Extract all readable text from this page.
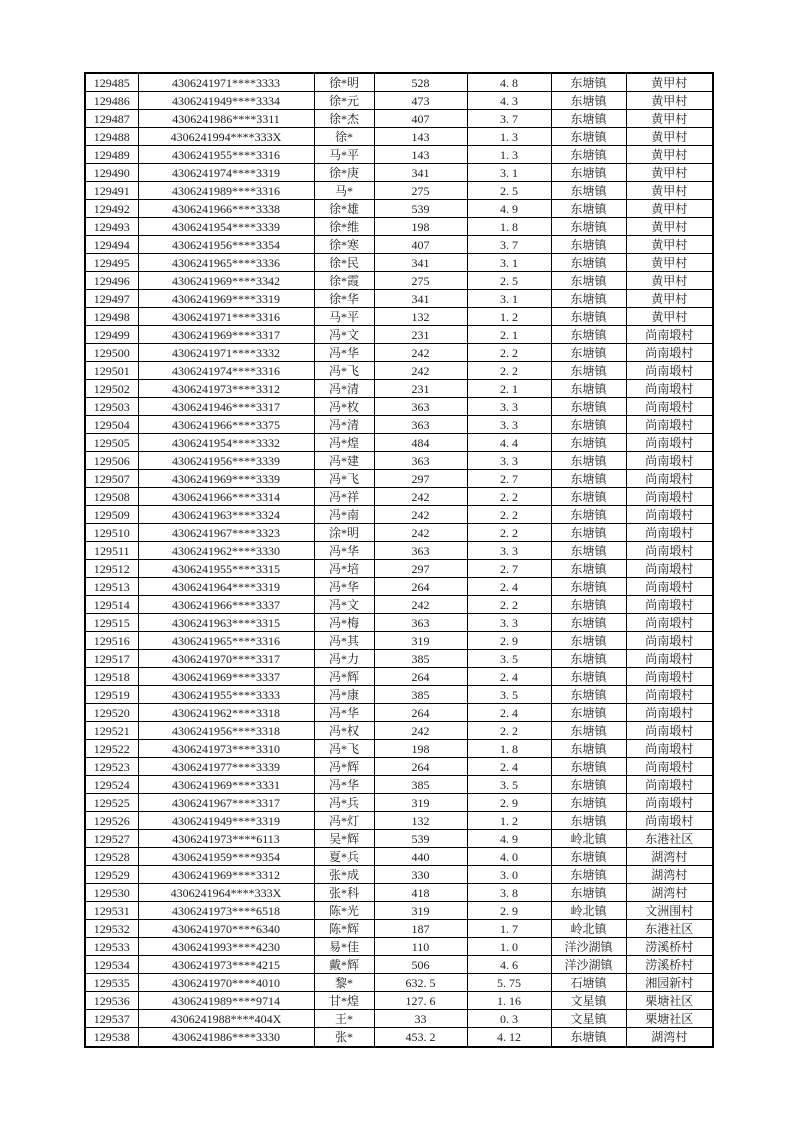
129485	4306241971****3333	徐*明	528	4. 8	东塘镇	黄甲村
129486	4306241949****3334	徐*元	473	4. 3	东塘镇	黄甲村
129487	4306241986****3311	徐*杰	407	3. 7	东塘镇	黄甲村
129488	4306241994****333X	徐*	143	1. 3	东塘镇	黄甲村
129489	4306241955****3316	马*平	143	1. 3	东塘镇	黄甲村
129490	4306241974****3319	徐*庚	341	3. 1	东塘镇	黄甲村
129491	4306241989****3316	马*	275	2. 5	东塘镇	黄甲村
129492	4306241966****3338	徐*雄	539	4. 9	东塘镇	黄甲村
129493	4306241954****3339	徐*维	198	1. 8	东塘镇	黄甲村
129494	4306241956****3354	徐*寒	407	3. 7	东塘镇	黄甲村
129495	4306241965****3336	徐*民	341	3. 1	东塘镇	黄甲村
129496	4306241969****3342	徐*霞	275	2. 5	东塘镇	黄甲村
129497	4306241969****3319	徐*华	341	3. 1	东塘镇	黄甲村
129498	4306241971****3316	马*平	132	1. 2	东塘镇	黄甲村
129499	4306241969****3317	冯*文	231	2. 1	东塘镇	尚南塅村
129500	4306241971****3332	冯*华	242	2. 2	东塘镇	尚南塅村
129501	4306241974****3316	冯*飞	242	2. 2	东塘镇	尚南塅村
129502	4306241973****3312	冯*清	231	2. 1	东塘镇	尚南塅村
129503	4306241946****3317	冯*枚	363	3. 3	东塘镇	尚南塅村
129504	4306241966****3375	冯*清	363	3. 3	东塘镇	尚南塅村
129505	4306241954****3332	冯*煌	484	4. 4	东塘镇	尚南塅村
129506	4306241956****3339	冯*建	363	3. 3	东塘镇	尚南塅村
129507	4306241969****3339	冯*飞	297	2. 7	东塘镇	尚南塅村
129508	4306241966****3314	冯*祥	242	2. 2	东塘镇	尚南塅村
129509	4306241963****3324	冯*南	242	2. 2	东塘镇	尚南塅村
129510	4306241967****3323	涂*明	242	2. 2	东塘镇	尚南塅村
129511	4306241962****3330	冯*华	363	3. 3	东塘镇	尚南塅村
129512	4306241955****3315	冯*培	297	2. 7	东塘镇	尚南塅村
129513	4306241964****3319	冯*华	264	2. 4	东塘镇	尚南塅村
129514	4306241966****3337	冯*文	242	2. 2	东塘镇	尚南塅村
129515	4306241963****3315	冯*梅	363	3. 3	东塘镇	尚南塅村
129516	4306241965****3316	冯*其	319	2. 9	东塘镇	尚南塅村
129517	4306241970****3317	冯*力	385	3. 5	东塘镇	尚南塅村
129518	4306241969****3337	冯*辉	264	2. 4	东塘镇	尚南塅村
129519	4306241955****3333	冯*康	385	3. 5	东塘镇	尚南塅村
129520	4306241962****3318	冯*华	264	2. 4	东塘镇	尚南塅村
129521	4306241956****3318	冯*权	242	2. 2	东塘镇	尚南塅村
129522	4306241973****3310	冯*飞	198	1. 8	东塘镇	尚南塅村
129523	4306241977****3339	冯*辉	264	2. 4	东塘镇	尚南塅村
129524	4306241969****3331	冯*华	385	3. 5	东塘镇	尚南塅村
129525	4306241967****3317	冯*兵	319	2. 9	东塘镇	尚南塅村
129526	4306241949****3319	冯*灯	132	1. 2	东塘镇	尚南塅村
129527	4306241973****6113	吴*辉	539	4. 9	岭北镇	东港社区
129528	4306241959****9354	夏*兵	440	4. 0	东塘镇	湖湾村
129529	4306241969****3312	张*成	330	3. 0	东塘镇	湖湾村
129530	4306241964****333X	张*科	418	3. 8	东塘镇	湖湾村
129531	4306241973****6518	陈*光	319	2. 9	岭北镇	文洲围村
129532	4306241970****6340	陈*辉	187	1. 7	岭北镇	东港社区
129533	4306241993****4230	易*佳	110	1. 0	洋沙湖镇	涝溪桥村
129534	4306241973****4215	戴*辉	506	4. 6	洋沙湖镇	涝溪桥村
129535	4306241970****4010	黎*	632. 5	5. 75	石塘镇	湘园新村
129536	4306241989****9714	甘*煌	127. 6	1. 16	文星镇	栗塘社区
129537	4306241988****404X	王*	33	0. 3	文星镇	栗塘社区
129538	4306241986****3330	张*	453. 2	4. 12	东塘镇	湖湾村
